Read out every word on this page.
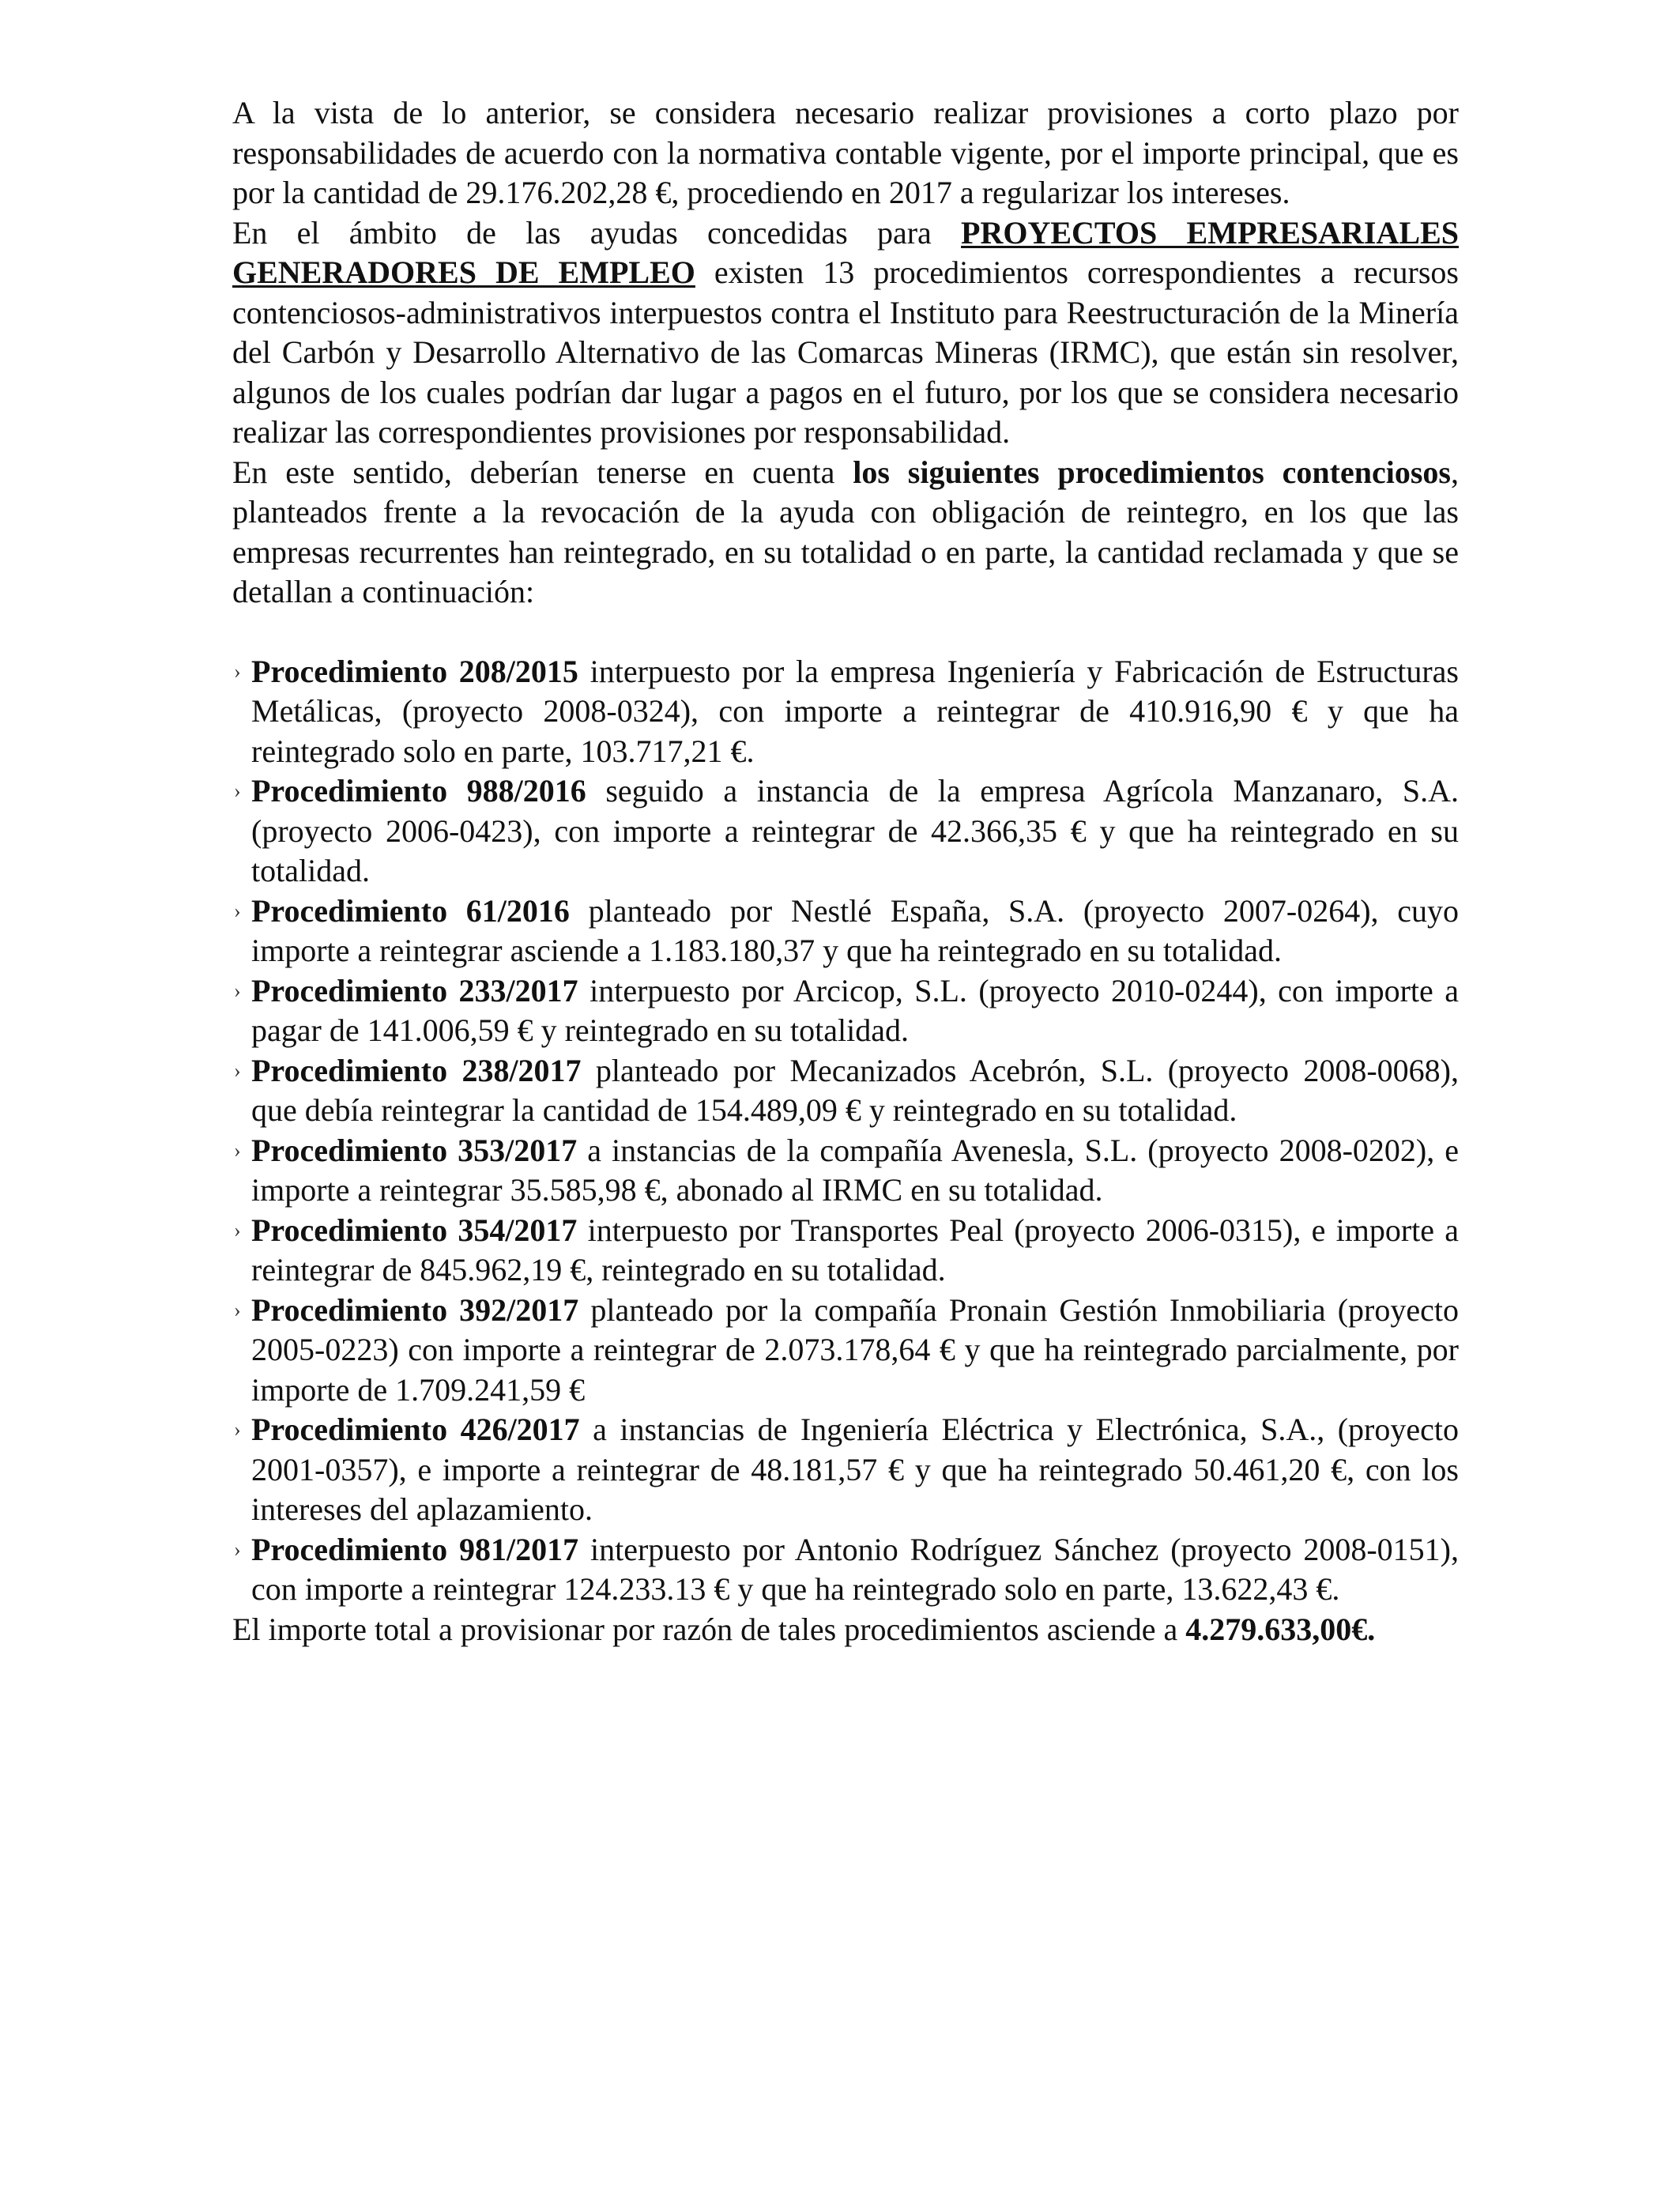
A la vista de lo anterior, se considera necesario realizar provisiones a corto plazo por responsabilidades de acuerdo con la normativa contable vigente, por el importe principal, que es por la cantidad de 29.176.202,28 €, procediendo en 2017 a regularizar los intereses.

En el ámbito de las ayudas concedidas para PROYECTOS EMPRESARIALES GENERADORES DE EMPLEO existen 13 procedimientos correspondientes a recursos contenciosos-administrativos interpuestos contra el Instituto para Reestructuración de la Minería del Carbón y Desarrollo Alternativo de las Comarcas Mineras (IRMC), que están sin resolver, algunos de los cuales podrían dar lugar a pagos en el futuro, por los que se considera necesario realizar las correspondientes provisiones por responsabilidad.

En este sentido, deberían tenerse en cuenta los siguientes procedimientos contenciosos, planteados frente a la revocación de la ayuda con obligación de reintegro, en los que las empresas recurrentes han reintegrado, en su totalidad o en parte, la cantidad reclamada y que se detallan a continuación:

› Procedimiento 208/2015 interpuesto por la empresa Ingeniería y Fabricación de Estructuras Metálicas, (proyecto 2008-0324), con importe a reintegrar de 410.916,90 € y que ha reintegrado solo en parte, 103.717,21 €.
› Procedimiento 988/2016 seguido a instancia de la empresa Agrícola Manzanaro, S.A. (proyecto 2006-0423), con importe a reintegrar de 42.366,35 € y que ha reintegrado en su totalidad.
› Procedimiento 61/2016 planteado por Nestlé España, S.A. (proyecto 2007-0264), cuyo importe a reintegrar asciende a 1.183.180,37 y que ha reintegrado en su totalidad.
› Procedimiento 233/2017 interpuesto por Arcicop, S.L. (proyecto 2010-0244), con importe a pagar de 141.006,59 € y reintegrado en su totalidad.
› Procedimiento 238/2017 planteado por Mecanizados Acebrón, S.L. (proyecto 2008-0068), que debía reintegrar la cantidad de 154.489,09 € y reintegrado en su totalidad.
› Procedimiento 353/2017 a instancias de la compañía Avenesla, S.L. (proyecto 2008-0202), e importe a reintegrar 35.585,98 €, abonado al IRMC en su totalidad.
› Procedimiento 354/2017 interpuesto por Transportes Peal (proyecto 2006-0315), e importe a reintegrar de 845.962,19 €, reintegrado en su totalidad.
› Procedimiento 392/2017 planteado por la compañía Pronain Gestión Inmobiliaria (proyecto 2005-0223) con importe a reintegrar de 2.073.178,64 € y que ha reintegrado parcialmente, por importe de 1.709.241,59 €
› Procedimiento 426/2017 a instancias de Ingeniería Eléctrica y Electrónica, S.A., (proyecto 2001-0357), e importe a reintegrar de 48.181,57 € y que ha reintegrado 50.461,20 €, con los intereses del aplazamiento.
› Procedimiento 981/2017 interpuesto por Antonio Rodríguez Sánchez (proyecto 2008-0151), con importe a reintegrar 124.233.13 € y que ha reintegrado solo en parte, 13.622,43 €.

El importe total a provisionar por razón de tales procedimientos asciende a 4.279.633,00€.
